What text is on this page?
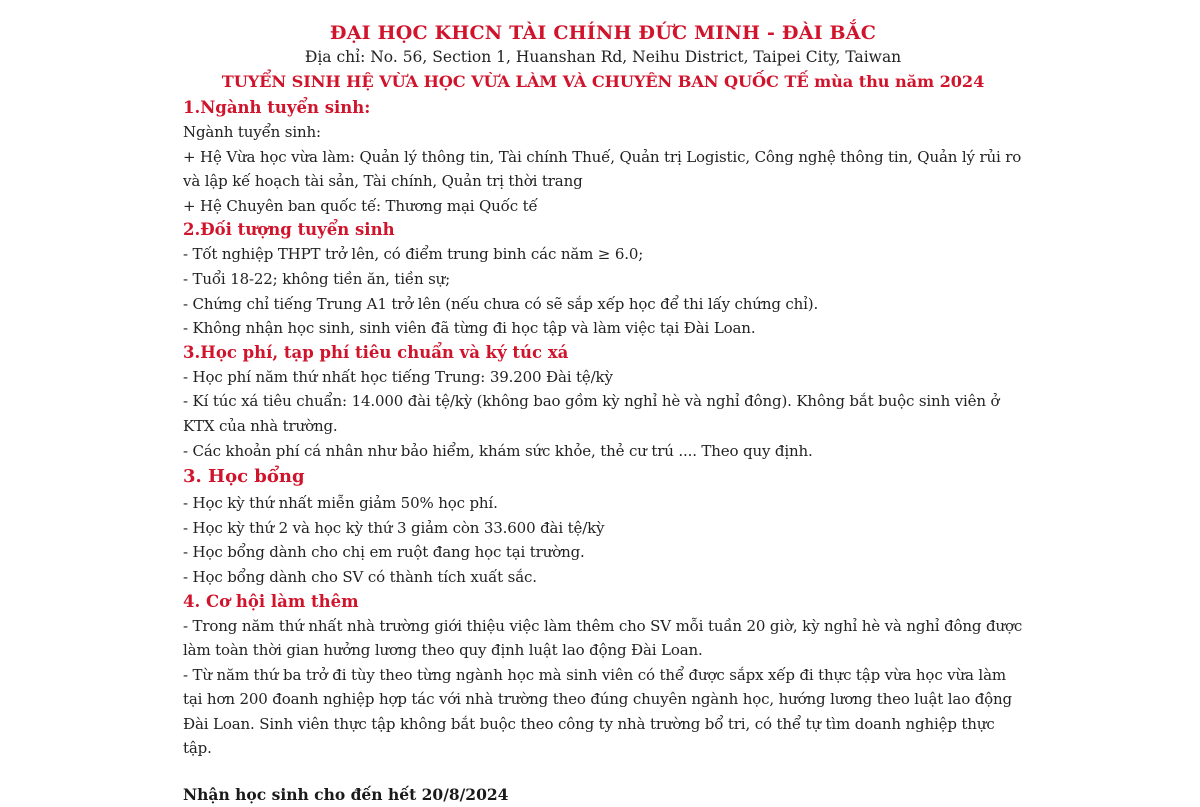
ĐẠI HỌC KHCN TÀI CHÍNH ĐỨC MINH - ĐÀI BẮC

Địa chỉ: No. 56, Section 1, Huanshan Rd, Neihu District, Taipei City, Taiwan

TUYỂN SINH HỆ VỪA HỌC VỪA LÀM VÀ CHUYÊN BAN QUỐC TẾ mùa thu năm 2024

1.Ngành tuyển sinh:

Ngành tuyển sinh:

+ Hệ Vừa học vừa làm: Quản lý thông tin, Tài chính Thuế, Quản trị Logistic, Công nghệ thông tin, Quản lý rủi ro

và lập kế hoạch tài sản, Tài chính, Quản trị thời trang

+ Hệ Chuyên ban quốc tế: Thương mại Quốc tế

2.Đối tượng tuyển sinh

- Tốt nghiệp THPT trở lên, có điểm trung binh các năm ≥ 6.0;

- Tuổi 18-22; không tiền ăn, tiền sự;

- Chứng chỉ tiếng Trung A1 trở lên (nếu chưa có sẽ sắp xếp học để thi lấy chứng chỉ).

- Không nhận học sinh, sinh viên đã từng đi học tập và làm việc tại Đài Loan.

3.Học phí, tạp phí tiêu chuẩn và ký túc xá

- Học phí năm thứ nhất học tiếng Trung: 39.200 Đài tệ/kỳ

- Kí túc xá tiêu chuẩn: 14.000 đài tệ/kỳ (không bao gồm kỳ nghỉ hè và nghỉ đông). Không bắt buộc sinh viên ở

KTX của nhà trường.

- Các khoản phí cá nhân như bảo hiểm, khám sức khỏe, thẻ cư trú .... Theo quy định.

3. Học bổng

- Học kỳ thứ nhất miễn giảm 50% học phí.

- Học kỳ thứ 2 và học kỳ thứ 3 giảm còn 33.600 đài tệ/kỳ

- Học bổng dành cho chị em ruột đang học tại trường.

- Học bổng dành cho SV có thành tích xuất sắc.

4. Cơ hội làm thêm

- Trong năm thứ nhất nhà trường giới thiệu việc làm thêm cho SV mỗi tuần 20 giờ, kỳ nghỉ hè và nghỉ đông được

làm toàn thời gian hưởng lương theo quy định luật lao động Đài Loan.

- Từ năm thứ ba trở đi tùy theo từng ngành học mà sinh viên có thể được sắpx xếp đi thực tập vừa học vừa làm

tại hơn 200 đoanh nghiệp hợp tác với nhà trường theo đúng chuyên ngành học, hướng lương theo luật lao động

Đài Loan. Sinh viên thực tập không bắt buộc theo công ty nhà trường bổ tri, có thể tự tìm doanh nghiệp thực tập.

Nhận học sinh cho đến hết 20/8/2024
